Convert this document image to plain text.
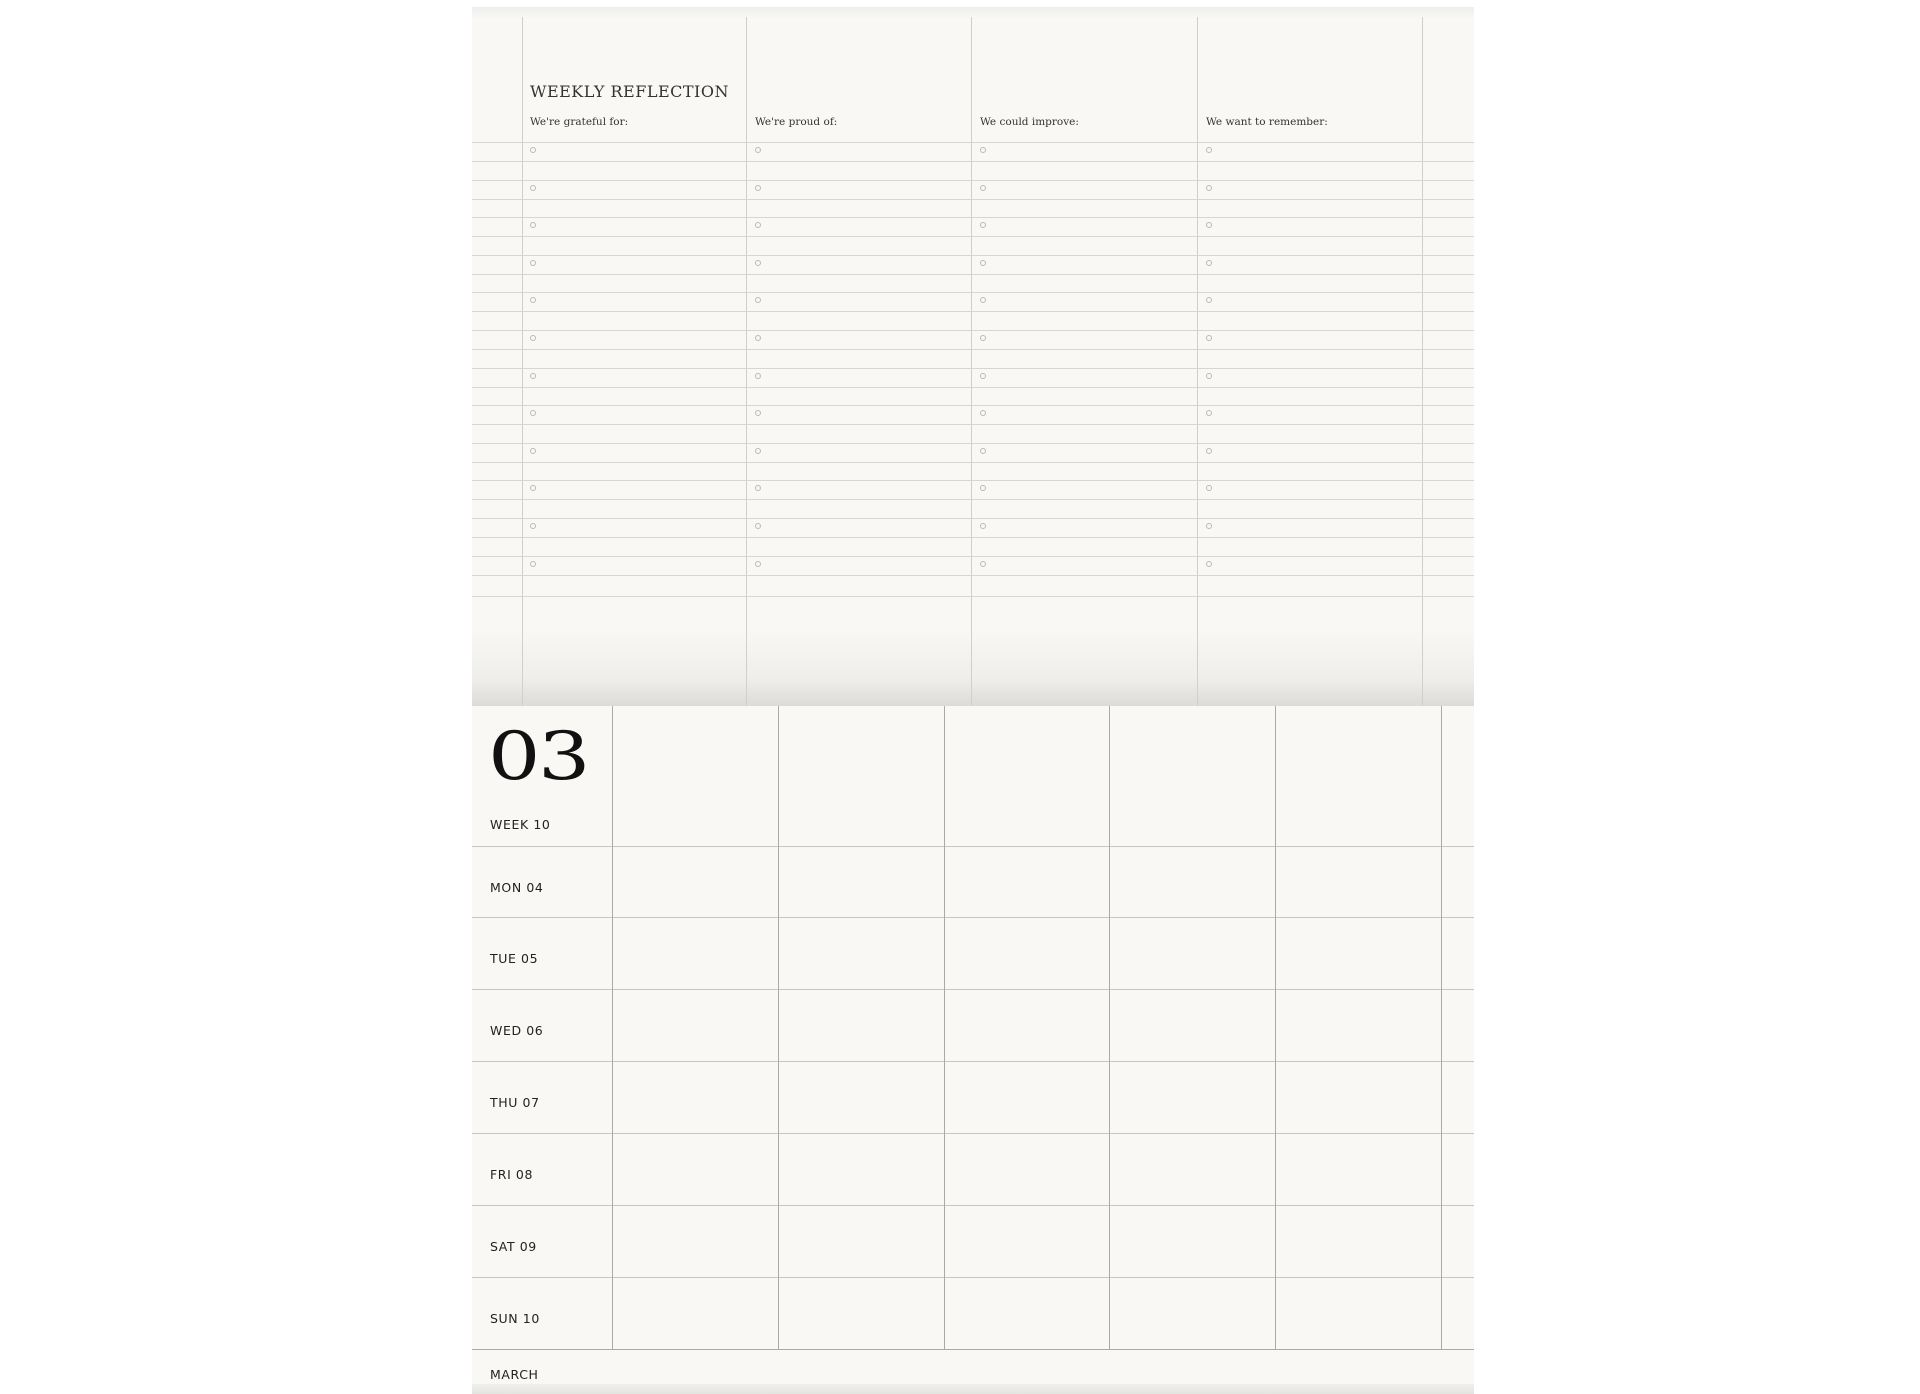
WEEKLY REFLECTION
We're grateful for:	We're proud of:	We could improve:	We want to remember:
03
WEEK 10
MON 04
TUE 05
WED 06
THU 07
FRI 08
SAT 09
SUN 10
MARCH
